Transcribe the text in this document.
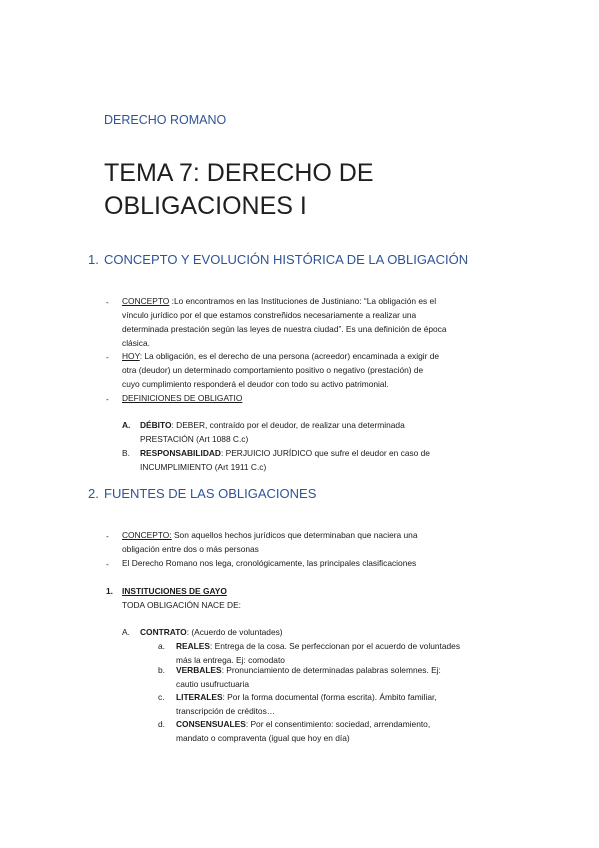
DERECHO ROMANO
TEMA 7: DERECHO DE
OBLIGACIONES I
1. CONCEPTO Y EVOLUCIÓN HISTÓRICA DE LA OBLIGACIÓN
- CONCEPTO :Lo encontramos en las Instituciones de Justiniano: “La obligación es el
vínculo jurídico por el que estamos constreñidos necesariamente a realizar una
determinada prestación según las leyes de nuestra ciudad”. Es una definición de época
clásica.
- HOY: La obligación, es el derecho de una persona (acreedor) encaminada a exigir de
otra (deudor) un determinado comportamiento positivo o negativo (prestación) de
cuyo cumplimiento responderá el deudor con todo su activo patrimonial.
- DEFINICIONES DE OBLIGATIO
A. DÉBITO: DEBER, contraído por el deudor, de realizar una determinada
PRESTACIÓN (Art 1088 C.c)
B. RESPONSABILIDAD: PERJUICIO JURÍDICO que sufre el deudor en caso de
INCUMPLIMIENTO (Art 1911 C.c)
2. FUENTES DE LAS OBLIGACIONES
- CONCEPTO: Son aquellos hechos jurídicos que determinaban que naciera una
obligación entre dos o más personas
- El Derecho Romano nos lega, cronológicamente, las principales clasificaciones
1. INSTITUCIONES DE GAYO
TODA OBLIGACIÓN NACE DE:
A. CONTRATO: (Acuerdo de voluntades)
a. REALES: Entrega de la cosa. Se perfeccionan por el acuerdo de voluntades
más la entrega. Ej: comodato
b. VERBALES: Pronunciamiento de determinadas palabras solemnes. Ej:
cautio usufructuaria
c. LITERALES: Por la forma documental (forma escrita). Ámbito familiar,
transcripción de créditos…
d. CONSENSUALES: Por el consentimiento: sociedad, arrendamiento,
mandato o compraventa (igual que hoy en día)
